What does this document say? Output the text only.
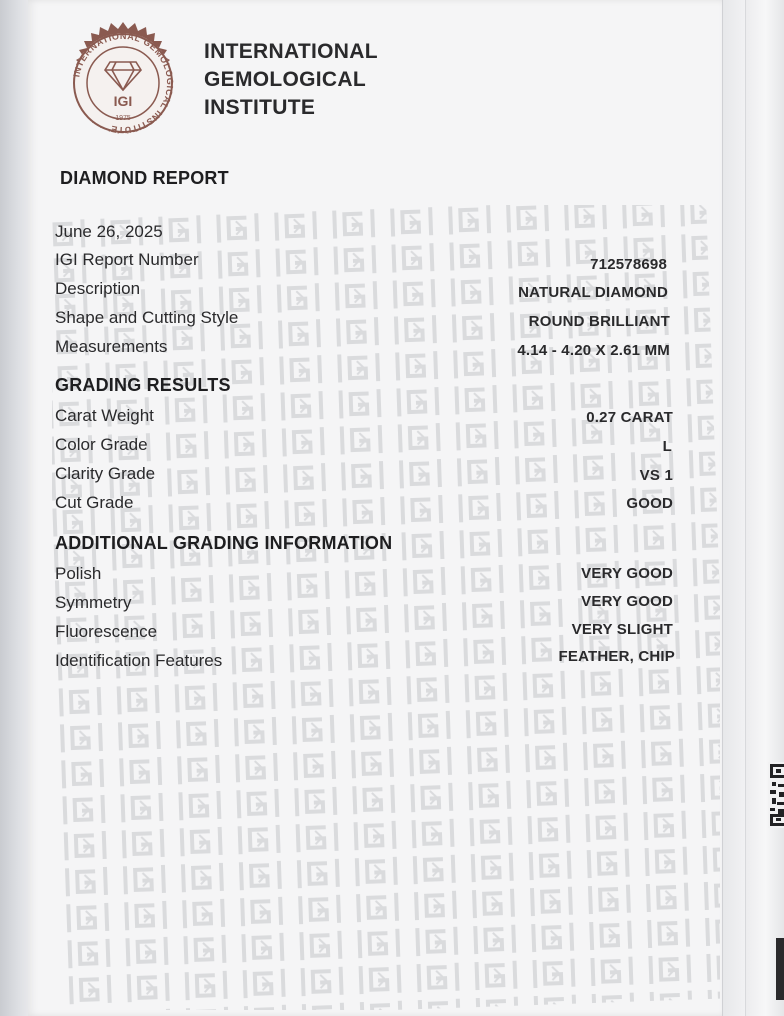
INTERNATIONAL GEMOLOGICAL INSTITUTE
IGI
1975
INTERNATIONAL
GEMOLOGICAL
INSTITUTE
DIAMOND REPORT
June 26, 2025
IGI Report Number	712578698
Description	NATURAL DIAMOND
Shape and Cutting Style	ROUND BRILLIANT
Measurements	4.14 - 4.20 X 2.61 MM
GRADING RESULTS
Carat Weight	0.27 CARAT
Color Grade	L
Clarity Grade	VS 1
Cut Grade	GOOD
ADDITIONAL GRADING INFORMATION
Polish	VERY GOOD
Symmetry	VERY GOOD
Fluorescence	VERY SLIGHT
Identification Features	FEATHER, CHIP
